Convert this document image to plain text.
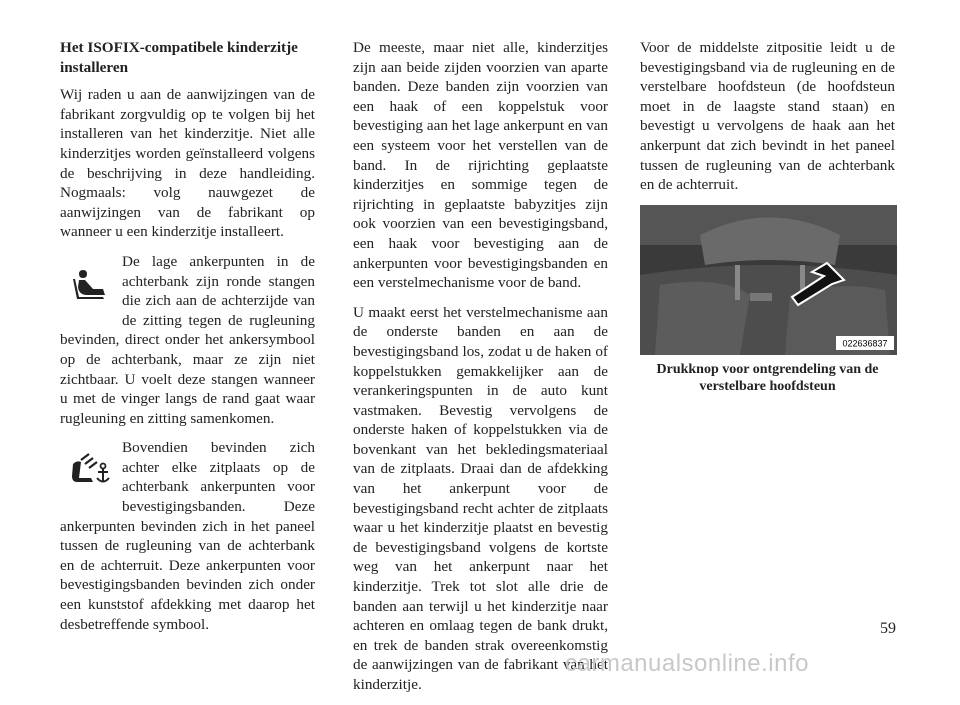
Het ISOFIX-compatibele kinderzitje installeren

Wij raden u aan de aanwijzingen van de fabrikant zorgvuldig op te volgen bij het installeren van het kinderzitje. Niet alle kinderzitjes worden geïnstalleerd volgens de beschrijving in deze handleiding. Nogmaals: volg nauwgezet de aanwijzingen van de fabrikant op wanneer u een kinderzitje installeert.

De lage ankerpunten in de achterbank zijn ronde stangen die zich aan de achterzijde van de zitting tegen de rugleuning bevinden, direct onder het ankersymbool op de achterbank, maar ze zijn niet zichtbaar. U voelt deze stangen wanneer u met de vinger langs de rand gaat waar rugleuning en zitting samenkomen.

Bovendien bevinden zich achter elke zitplaats op de achterbank ankerpunten voor bevestigingsbanden. Deze ankerpunten bevinden zich in het paneel tussen de rugleuning van de achterbank en de achterruit. Deze ankerpunten voor bevestigingsbanden bevinden zich onder een kunststof afdekking met daarop het desbetreffende symbool.

De meeste, maar niet alle, kinderzitjes zijn aan beide zijden voorzien van aparte banden. Deze banden zijn voorzien van een haak of een koppelstuk voor bevestiging aan het lage ankerpunt en van een systeem voor het verstellen van de band. In de rijrichting geplaatste kinderzitjes en sommige tegen de rijrichting in geplaatste babyzitjes zijn ook voorzien van een bevestigingsband, een haak voor bevestiging aan de ankerpunten voor bevestigingsbanden en een verstelmechanisme voor de band.

U maakt eerst het verstelmechanisme aan de onderste banden en aan de bevestigingsband los, zodat u de haken of koppelstukken gemakkelijker aan de verankeringspunten in de auto kunt vastmaken. Bevestig vervolgens de onderste haken of koppelstukken via de bovenkant van het bekledingsmateriaal van de zitplaats. Draai dan de afdekking van het ankerpunt voor de bevestigingsband recht achter de zitplaats waar u het kinderzitje plaatst en bevestig de bevestigingsband volgens de kortste weg van het ankerpunt naar het kinderzitje. Trek tot slot alle drie de banden aan terwijl u het kinderzitje naar achteren en omlaag tegen de bank drukt, en trek de banden strak overeenkomstig de aanwijzingen van de fabrikant van het kinderzitje.

Voor de middelste zitpositie leidt u de bevestigingsband via de rugleuning en de verstelbare hoofdsteun (de hoofdsteun moet in de laagste stand staan) en bevestigt u vervolgens de haak aan het ankerpunt dat zich bevindt in het paneel tussen de rugleuning van de achterbank en de achterruit.

022636837
Drukknop voor ontgrendeling van de verstelbare hoofdsteun
59
carmanualsonline.info
